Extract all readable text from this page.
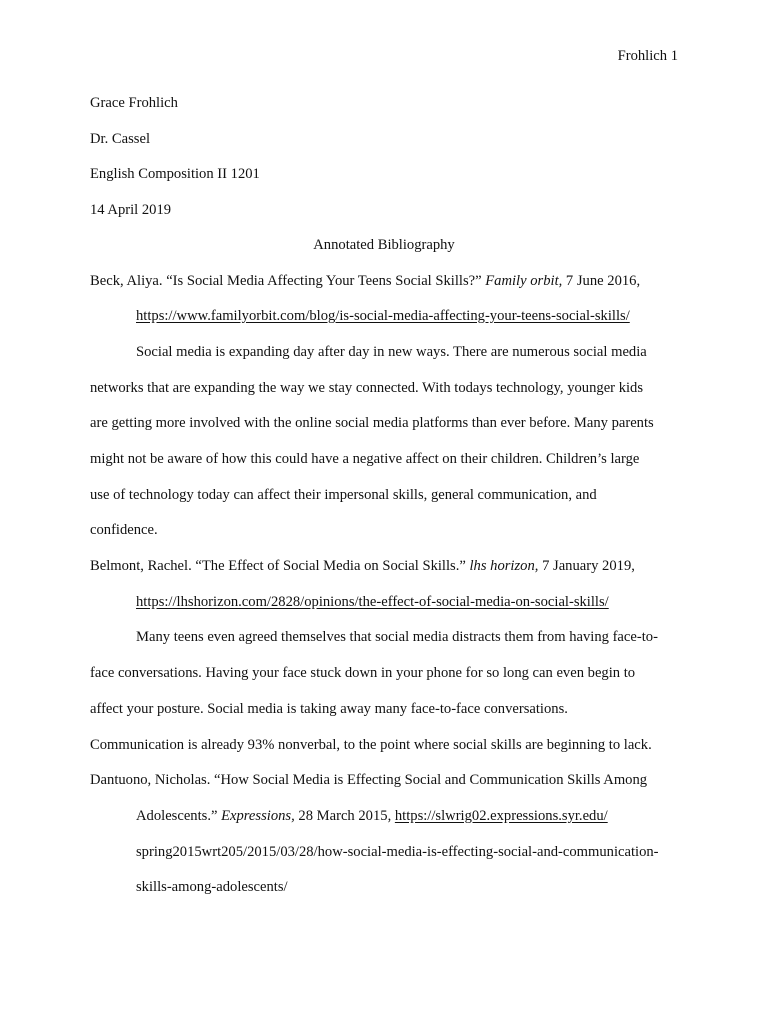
Frohlich 1
Grace Frohlich
Dr. Cassel
English Composition II 1201
14 April 2019
Annotated Bibliography
Beck, Aliya. “Is Social Media Affecting Your Teens Social Skills?” Family orbit, 7 June 2016,
https://www.familyorbit.com/blog/is-social-media-affecting-your-teens-social-skills/
Social media is expanding day after day in new ways. There are numerous social media
networks that are expanding the way we stay connected. With todays technology, younger kids
are getting more involved with the online social media platforms than ever before. Many parents
might not be aware of how this could have a negative affect on their children. Children’s large
use of technology today can affect their impersonal skills, general communication, and
confidence.
Belmont, Rachel. “The Effect of Social Media on Social Skills.” lhs horizon, 7 January 2019,
https://lhshorizon.com/2828/opinions/the-effect-of-social-media-on-social-skills/
Many teens even agreed themselves that social media distracts them from having face-to-
face conversations. Having your face stuck down in your phone for so long can even begin to
affect your posture. Social media is taking away many face-to-face conversations.
Communication is already 93% nonverbal, to the point where social skills are beginning to lack.
Dantuono, Nicholas. “How Social Media is Effecting Social and Communication Skills Among
Adolescents.” Expressions, 28 March 2015, https://slwrig02.expressions.syr.edu/
spring2015wrt205/2015/03/28/how-social-media-is-effecting-social-and-communication-
skills-among-adolescents/
